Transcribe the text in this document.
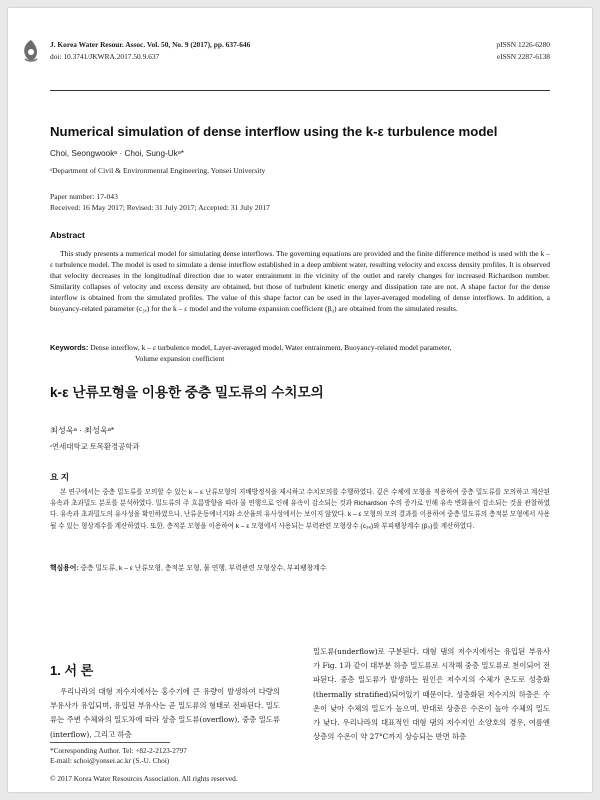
J. Korea Water Resour. Assoc. Vol. 50, No. 9 (2017), pp. 637-646
doi: 10.3741/JKWRA.2017.50.9.637
pISSN 1226-6280
eISSN 2287-6138
Numerical simulation of dense interflow using the k-ε turbulence model
Choi, Seongwookᵃ · Choi, Sung-Ukᵃ*
ᵃDepartment of Civil & Environmental Engineering, Yonsei University
Paper number: 17-043
Received: 16 May 2017; Revised: 31 July 2017; Accepted: 31 July 2017
Abstract
This study presents a numerical model for simulating dense interflows. The governing equations are provided and the finite difference method is used with the k – ε turbulence model. The model is used to simulate a dense interflow established in a deep ambient water, resulting velocity and excess density profiles. It is observed that velocity decreases in the longitudinal direction due to water entrainment in the vicinity of the outlet and rarely changes for increased Richardson number. Similarity collapses of velocity and excess density are obtained, but those of turbulent kinetic energy and dissipation rate are not. A shape factor for the dense interflow is obtained from the simulated profiles. The value of this shape factor can be used in the layer-averaged modeling of dense interflows. In addition, a buoyancy-related parameter (c₃ₑ) for the k – ε model and the volume expansion coefficient (β₀) are obtained from the simulated results.
Keywords: Dense interflow, k – ε turbulence model, Layer-averaged model, Water entrainment, Buoyancy-related model parameter,
Volume expansion coefficient
k-ε 난류모형을 이용한 중층 밀도류의 수치모의
최성욱ᵃ · 최성욱ᵃ*
ᵃ연세대학교 토목환경공학과
요 지
본 연구에서는 중층 밀도류를 모의할 수 있는 k – ε 난류모형의 지배방정식을 제시하고 수치모의를 수행하였다. 깊은 수체에 모형을 적용하여 중층 밀도류를 모의하고 계산된 유속과 초과밀도 분포를 분석하였다. 밀도류의 주 흐름방향을 따라 물 연행으로 인해 유속이 감소되는 것과 Richardson 수의 증가로 인해 유속 변화율이 감소되는 것을 관찰하였다. 유속과 초과밀도의 유사성을 확인하였으나, 난류운동에너지와 소산율의 유사성에서는 보이지 않았다. k – ε 모형의 모의 결과를 이용하여 중층 밀도류의 층적분 모형에서 사용될 수 있는 형상계수를 계산하였다. 또한, 층적분 모형을 이용하여 k – ε 모형에서 사용되는 부력관련 모형상수 (c₃ₑ)와 부피팽창계수 (β₀)를 계산하였다.
핵심용어: 중층 밀도류, k – ε 난류모형, 층적분 모형, 물 연행, 부력관련 모형상수, 부피팽창계수
1. 서 론
우리나라의 대형 저수지에서는 홍수기에 큰 유량이 발생하여 다량의 부유사가 유입되며, 유입된 부유사는 곧 밀도류의 형태로 전파된다. 밀도류는 주변 수체와의 밀도차에 따라 상층 밀도류(overflow), 중층 밀도류(interflow), 그리고 하층
밀도류(underflow)로 구분된다. 대형 댐의 저수지에서는 유입된 부유사가 Fig. 1과 같이 대부분 하층 밀도류로 시작해 중층 밀도류로 천이되어 전파된다. 중층 밀도류가 발생하는 원인은 저수지의 수체가 온도로 성층화(thermally stratified)되어있기 때문이다. 성층화된 저수지의 하층은 수온이 낮아 수체의 밀도가 높으며, 반대로 상층은 수온이 높아 수체의 밀도가 낮다. 우리나라의 대표적인 대형 댐의 저수지인 소양호의 경우, 여름엔 상층의 수온이 약 27°C까지 상승되는 반면 하층
*Corresponding Author. Tel: +82-2-2123-2797
E-mail: schoi@yonsei.ac.kr (S.-U. Choi)
© 2017 Korea Water Resources Association. All rights reserved.
